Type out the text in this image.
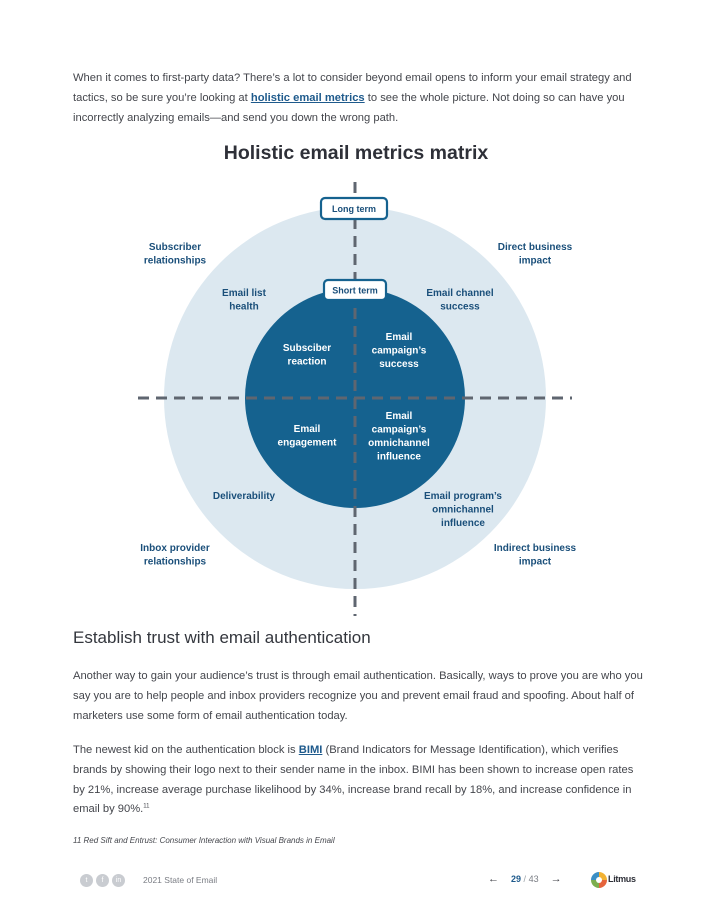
When it comes to first-party data? There’s a lot to consider beyond email opens to inform your email strategy and tactics, so be sure you’re looking at holistic email metrics to see the whole picture. Not doing so can have you incorrectly analyzing emails—and send you down the wrong path.

Holistic email metrics matrix
Long term
Short term
Subscriber relationships
Direct business impact
Inbox provider relationships
Indirect business impact
Email list health
Email channel success
Deliverability	Email program’s omnichannel influence
Subsciber reaction
Email campaign’s success
Email engagement
Email campaign’s omnichannel influence
Establish trust with email authentication

Another way to gain your audience’s trust is through email authentication. Basically, ways to prove you are who you say you are to help people and inbox providers recognize you and prevent email fraud and spoofing. About half of marketers use some form of email authentication today.

The newest kid on the authentication block is BIMI (Brand Indicators for Message Identification), which verifies brands by showing their logo next to their sender name in the inbox. BIMI has been shown to increase open rates by 21%, increase average purchase likelihood by 34%, increase brand recall by 18%, and increase confidence in email by 90%.$^{11}$

11 Red Sift and Entrust: Consumer Interaction with Visual Brands in Email

t	f	in	2021 State of Email	← 29 / 43 →	Litmus
